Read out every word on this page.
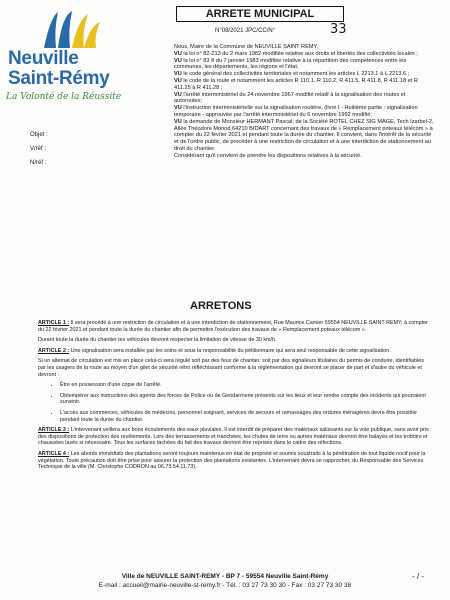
Neuville
Saint-Rémy
La Volonté de la Réussite
ARRETE MUNICIPAL
N°08/2021 JPC/CC/N°	33
Objet :
V/réf :
N/réf :

Nous, Maire de la Commune de NEUVILLE SAINT REMY,

VU la loi n° 82-213 du 2 mars 1982 modifiée relative aux droits et libertés des collectivités locales ;

VU la loi n° 83 8 du 7 janvier 1983 modifiée relative à la répartition des compétences entre les communes, les départements, les régions et l'état,

VU le code général des collectivités territoriales et notamment les articles L 2213.1 à L 2213.6 ;

VU le code de la route et notamment les articles R 110.1, R 110.2, R 411.5, R 411.8, R 411.18 et R 411.25 à R 411.28 ;

VU l'arrêté interministériel du 24 novembre 1967 modifié relatif à la signalisation des routes et autoroutes;

VU l'instruction interministérielle sur la signalisation routière, (livre I - Huitième partie : signalisation temporaire - approuvée par l'arrêté interministériel du 6 novembre 1992 modifié;

VU la demande de Monsieur HERMANT Pascal, de la Société ROTEL CHEZ SIG MAGE, Tech Izarbel-2, Allée Théodore Monod 64210 BIDART concernant des travaux de « Remplacement poteaux télécom » à compter du 22 février 2021 et pendant toute la durée du chantier. Il convient, dans l'intérêt de la sécurité et de l'ordre public, de procéder à une restriction de circulation et à une interdiction de stationnement au droit du chantier.

Considérant qu'il convient de prendre les dispositions relatives à la sécurité.

ARRETONS

ARTICLE 1 : Il sera procédé à une restriction de circulation et à une interdiction de stationnement, Rue Maurice Camier 59554 NEUVILLE SAINT REMY, à compter du 22 février 2021 et pendant toute la durée du chantier afin de permettre l'exécution des travaux de « Remplacement poteaux télécom ».

Durant toute la durée du chantier les véhicules devront respecter la limitation de vitesse de 30 km/h.

ARTICLE 2 : Une signalisation sera installée par les soins et sous la responsabilité du pétitionnaire qui sera seul responsable de cette signalisation.

Si un alternat de circulation est mis en place celui-ci sera régulé soit par des feux de chantier, soit par des signaleurs titulaires du permis de conduire, identifiables par les usagers de la route au moyen d'un gilet de sécurité rétro réfléchissant conforme à la réglementation qui devront se placer de part et d'autre du véhicule et devront :

• Être en possession d'une copie de l'arrêté.
• Obtempérer aux instructions des agents des forces de Police ou de Gendarmerie présents sur les lieux et leur rendre compte des incidents qui pourraient survenir.
• L'accès aux commerces, véhicules de médecins, personnel soignant, services de secours et ramassages des ordures ménagères devra être possible pendant toute la durée du chantier.

ARTICLE 3 : L'intervenant veillera aux bons écoulements des eaux pluviales. Il est interdit de préparer des matériaux salissants sur la voie publique, sans avoir pris des dispositions de protection des revêtements. Lors des terrassements et tranchées, les chutes de terre ou autres matériaux devront être balayés et les trottoirs et chaussées lavés si nécessaire. Tous les surfaces tachées du fait des travaux devront être reprises dans le cadre des réfections.

ARTICLE 4 : Les abords immédiats des plantations seront toujours maintenus en état de propreté et soumis soustraits à la pénétration de tout liquide nocif pour la végétation. Toute précaution doit être prise pour assurer la protection des plantations existantes. L'intervenant devra se rapprocher, du Responsable des Services Technique de la ville (M. Christophe CODRON au 06.73.54.11.73).

Ville de NEUVILLE SAINT-REMY - BP 7 - 59554 Neuville Saint-Rémy
E-mail : accueil@mairie-neuville-st-remy.fr - Tél. : 03 27 73 30 30 - Fax : 03 27 73 30 38
- / -
